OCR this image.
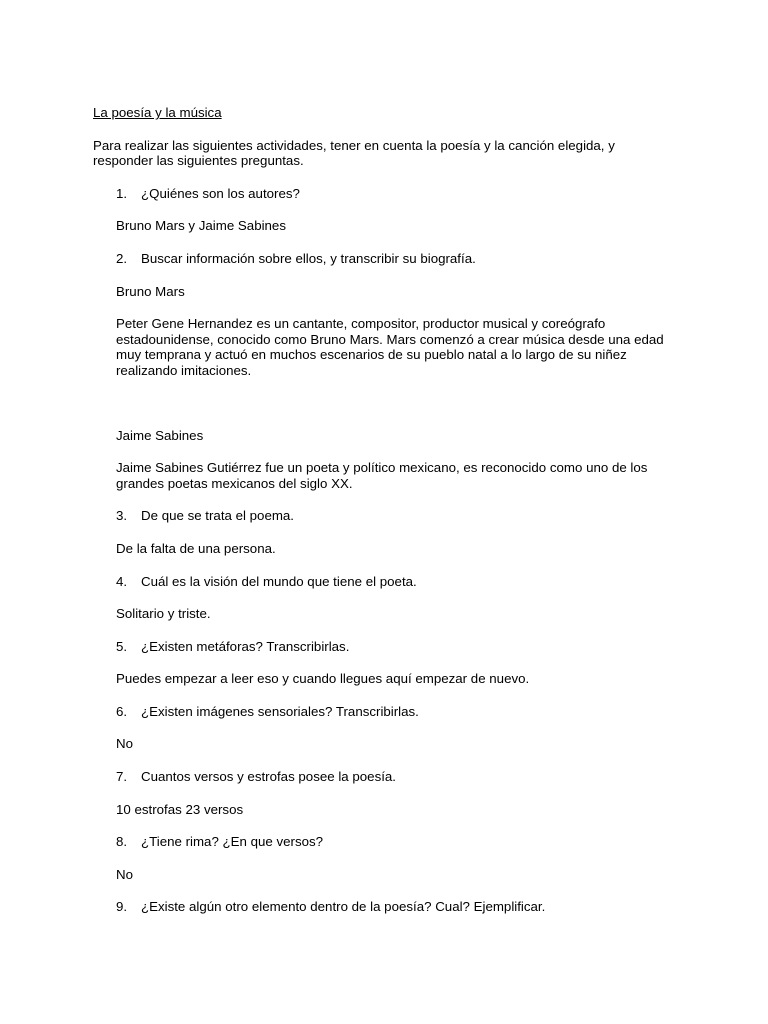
La poesía y la música

Para realizar las siguientes actividades, tener en cuenta la poesía y la canción elegida, y responder las siguientes preguntas.

1.	¿Quiénes son los autores?

Bruno Mars y Jaime Sabines

2.	Buscar información sobre ellos, y transcribir su biografía.

Bruno Mars

Peter Gene Hernandez es un cantante, compositor, productor musical y coreógrafo estadounidense, conocido como Bruno Mars. Mars comenzó a crear música desde una edad muy temprana y actuó en muchos escenarios de su pueblo natal a lo largo de su niñez realizando imitaciones.

Jaime Sabines

Jaime Sabines Gutiérrez fue un poeta y político mexicano, es reconocido como uno de los grandes poetas mexicanos del siglo XX.

3.	De que se trata el poema.

De la falta de una persona.

4.	Cuál es la visión del mundo que tiene el poeta.

Solitario y triste.

5.	¿Existen metáforas? Transcribirlas.

Puedes empezar a leer eso y cuando llegues aquí empezar de nuevo.

6.	¿Existen imágenes sensoriales? Transcribirlas.

No

7.	Cuantos versos y estrofas posee la poesía.

10 estrofas 23 versos

8.	¿Tiene rima? ¿En que versos?

No

9.	¿Existe algún otro elemento dentro de la poesía? Cual? Ejemplificar.
